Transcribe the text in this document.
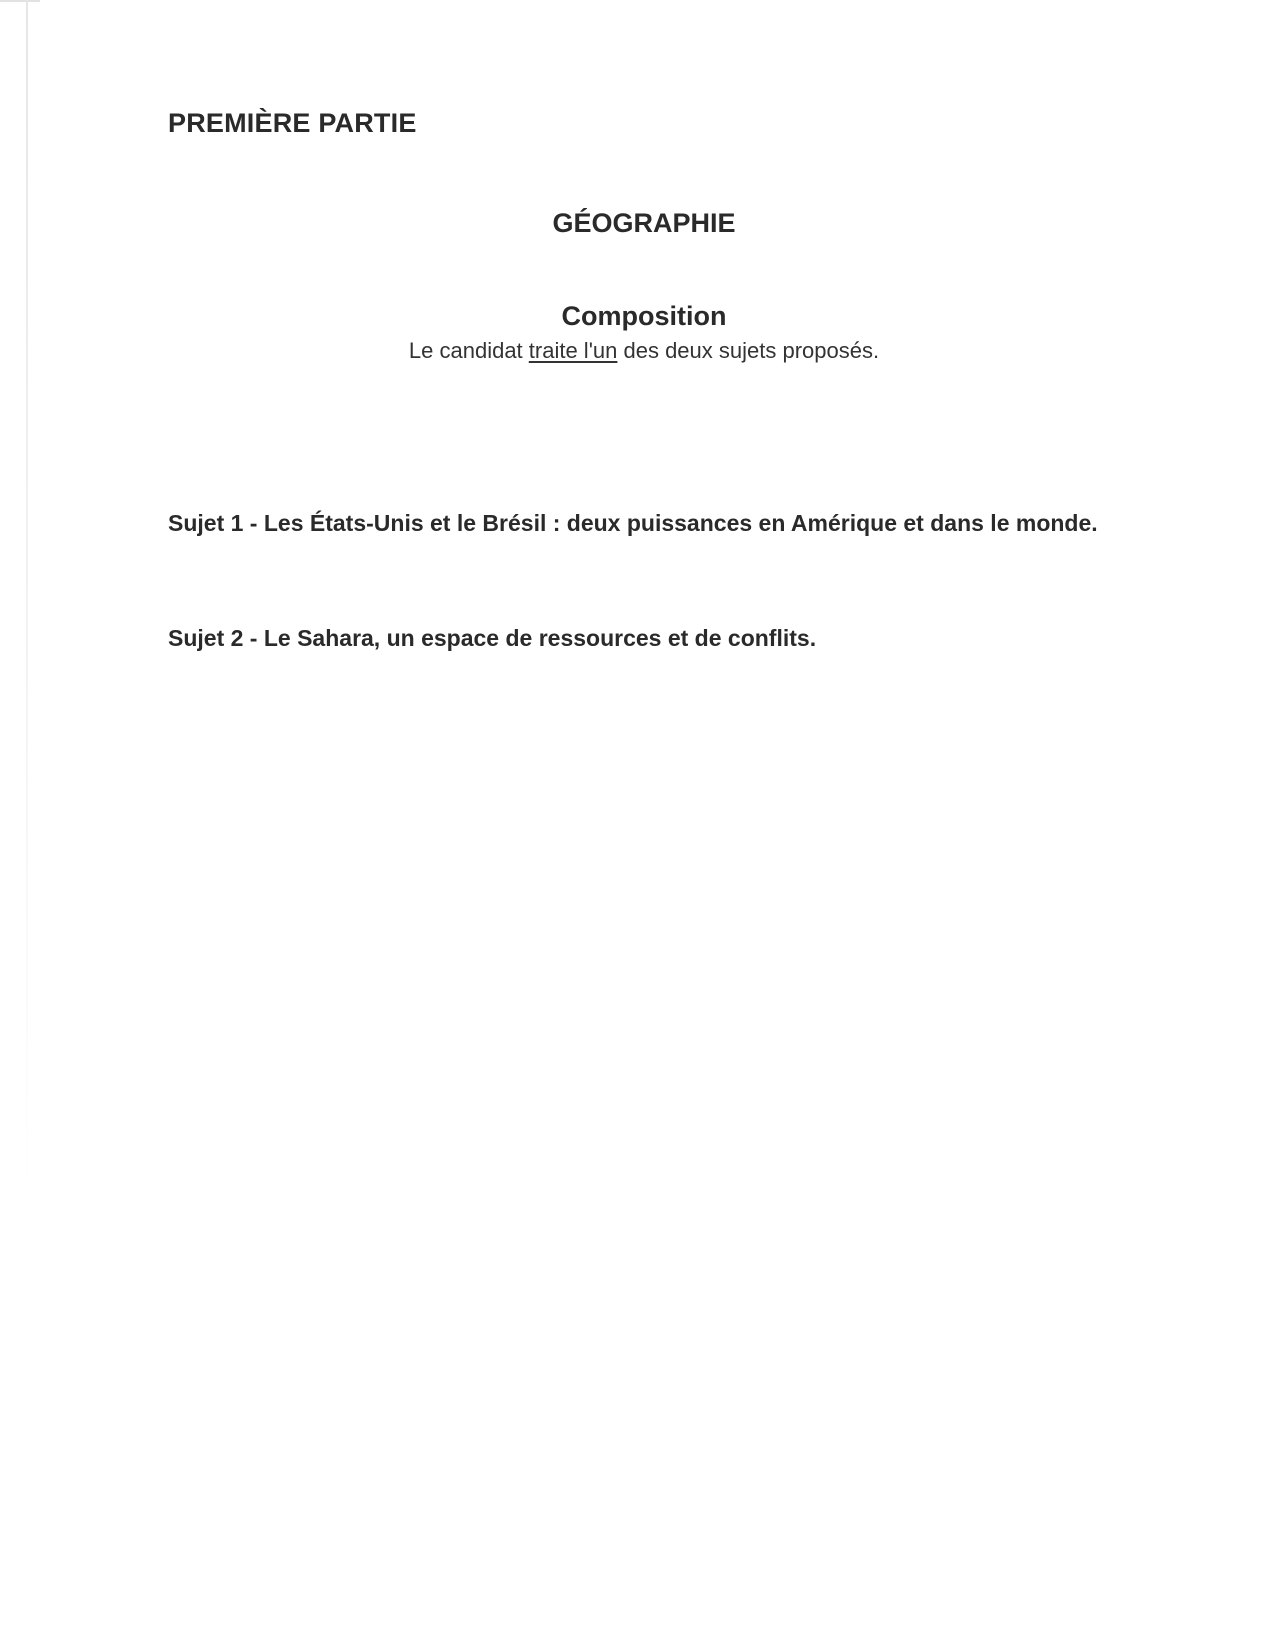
PREMIÈRE PARTIE
GÉOGRAPHIE
Composition

Le candidat traite l'un des deux sujets proposés.

Sujet 1 - Les États-Unis et le Brésil : deux puissances en Amérique et dans le monde.

Sujet 2 - Le Sahara, un espace de ressources et de conflits.
